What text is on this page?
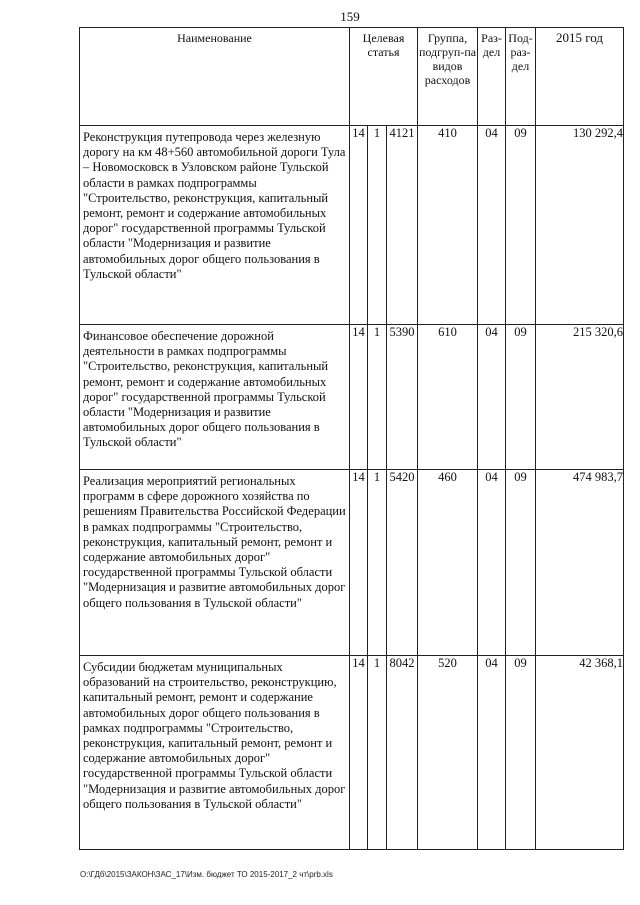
159
Наименование	Целевая статья			Группа, подгруп-па видов расходов	Раз-дел	Под-раз-дел	2015 год
Реконструкция путепровода через железную дорогу на км 48+560 автомобильной дороги Тула – Новомосковск в Узловском районе Тульской области в рамках подпрограммы "Строительство, реконструкция, капитальный ремонт, ремонт и содержание автомобильных дорог" государственной программы Тульской области "Модернизация и развитие автомобильных дорог общего пользования в Тульской области"	14	1	4121	410	04	09	130 292,4
Финансовое обеспечение дорожной деятельности в рамках подпрограммы "Строительство, реконструкция, капитальный ремонт, ремонт и содержание автомобильных дорог" государственной программы Тульской области "Модернизация и развитие автомобильных дорог общего пользования в Тульской области"	14	1	5390	610	04	09	215 320,6
Реализация мероприятий региональных программ в сфере дорожного хозяйства по решениям Правительства Российской Федерации в рамках подпрограммы "Строительство, реконструкция, капитальный ремонт, ремонт и содержание автомобильных дорог" государственной программы Тульской области "Модернизация и развитие автомобильных дорог общего пользования в Тульской области"	14	1	5420	460	04	09	474 983,7
Субсидии бюджетам муниципальных образований на строительство, реконструкцию, капитальный ремонт, ремонт и содержание автомобильных дорог общего пользования в рамках подпрограммы "Строительство, реконструкция, капитальный ремонт, ремонт и содержание автомобильных дорог" государственной программы Тульской области "Модернизация и развитие автомобильных дорог общего пользования в Тульской области"	14	1	8042	520	04	09	42 368,1
O:\ГДб\2015\ЗАКОН\ЗАС_17\Изм. бюджет ТО 2015-2017_2 чт\prb.xls
